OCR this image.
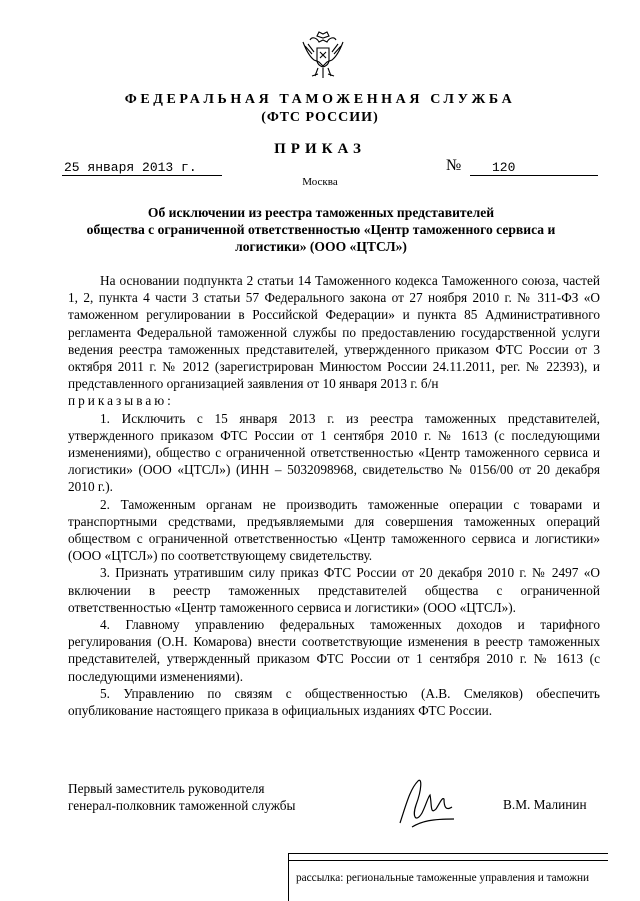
ФЕДЕРАЛЬНАЯ ТАМОЖЕННАЯ СЛУЖБА
(ФТС РОССИИ)
ПРИКАЗ
25 января 2013 г.	№	120
Москва
Об исключении из реестра таможенных представителей
общества с ограниченной ответственностью «Центр таможенного сервиса и
логистики» (ООО «ЦТСЛ»)

На основании подпункта 2 статьи 14 Таможенного кодекса Таможенного союза, частей 1, 2, пункта 4 части 3 статьи 57 Федерального закона от 27 ноября 2010 г. № 311-ФЗ «О таможенном регулировании в Российской Федерации» и пункта 85 Административного регламента Федеральной таможенной службы по предоставлению государственной услуги ведения реестра таможенных представителей, утвержденного приказом ФТС России от 3 октября 2011 г. № 2012 (зарегистрирован Минюстом России 24.11.2011, рег. № 22393), и представленного организацией заявления от 10 января 2013 г. б/н

приказываю:

1. Исключить с 15 января 2013 г. из реестра таможенных представителей, утвержденного приказом ФТС России от 1 сентября 2010 г. № 1613 (с последующими изменениями), общество с ограниченной ответственностью «Центр таможенного сервиса и логистики» (ООО «ЦТСЛ») (ИНН – 5032098968, свидетельство № 0156/00 от 20 декабря 2010 г.).

2. Таможенным органам не производить таможенные операции с товарами и транспортными средствами, предъявляемыми для совершения таможенных операций обществом с ограниченной ответственностью «Центр таможенного сервиса и логистики» (ООО «ЦТСЛ») по соответствующему свидетельству.

3. Признать утратившим силу приказ ФТС России от 20 декабря 2010 г. № 2497 «О включении в реестр таможенных представителей общества с ограниченной ответственностью «Центр таможенного сервиса и логистики» (ООО «ЦТСЛ»).

4. Главному управлению федеральных таможенных доходов и тарифного регулирования (О.Н. Комарова) внести соответствующие изменения в реестр таможенных представителей, утвержденный приказом ФТС России от 1 сентября 2010 г. № 1613 (с последующими изменениями).

5. Управлению по связям с общественностью (А.В. Смеляков) обеспечить опубликование настоящего приказа в официальных изданиях ФТС России.

Первый заместитель руководителя
генерал-полковник таможенной службы	В.М. Малинин
рассылка: региональные таможенные управления и таможни
